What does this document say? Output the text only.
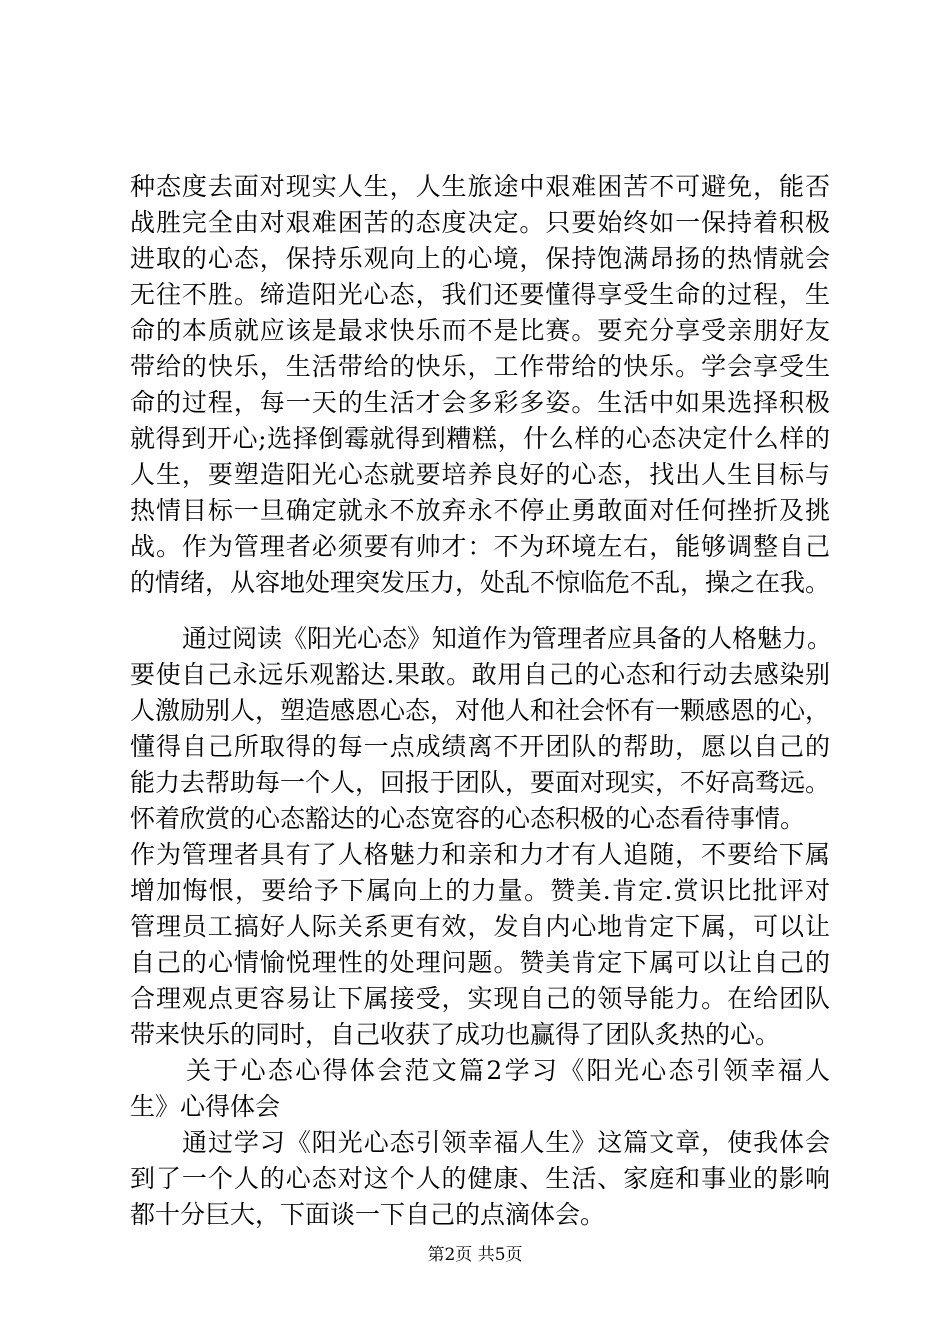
种态度去面对现实人生，人生旅途中艰难困苦不可避免，能否
战胜完全由对艰难困苦的态度决定。只要始终如一保持着积极
进取的心态，保持乐观向上的心境，保持饱满昂扬的热情就会
无往不胜。缔造阳光心态，我们还要懂得享受生命的过程，生
命的本质就应该是最求快乐而不是比赛。要充分享受亲朋好友
带给的快乐，生活带给的快乐，工作带给的快乐。学会享受生
命的过程，每一天的生活才会多彩多姿。生活中如果选择积极
就得到开心;选择倒霉就得到糟糕，什么样的心态决定什么样的
人生，要塑造阳光心态就要培养良好的心态，找出人生目标与
热情目标一旦确定就永不放弃永不停止勇敢面对任何挫折及挑
战。作为管理者必须要有帅才：不为环境左右，能够调整自己
的情绪，从容地处理突发压力，处乱不惊临危不乱，操之在我。
通过阅读《阳光心态》知道作为管理者应具备的人格魅力。
要使自己永远乐观豁达.果敢。敢用自己的心态和行动去感染别
人激励别人，塑造感恩心态，对他人和社会怀有一颗感恩的心，
懂得自己所取得的每一点成绩离不开团队的帮助，愿以自己的
能力去帮助每一个人，回报于团队，要面对现实，不好高骛远。
怀着欣赏的心态豁达的心态宽容的心态积极的心态看待事情。
作为管理者具有了人格魅力和亲和力才有人追随，不要给下属
增加悔恨，要给予下属向上的力量。赞美.肯定.赏识比批评对
管理员工搞好人际关系更有效，发自内心地肯定下属，可以让
自己的心情愉悦理性的处理问题。赞美肯定下属可以让自己的
合理观点更容易让下属接受，实现自己的领导能力。在给团队
带来快乐的同时，自己收获了成功也赢得了团队炙热的心。
关于心态心得体会范文篇2学习《阳光心态引领幸福人
生》心得体会
通过学习《阳光心态引领幸福人生》这篇文章，使我体会
到了一个人的心态对这个人的健康、生活、家庭和事业的影响
都十分巨大，下面谈一下自己的点滴体会。
第2页 共5页
